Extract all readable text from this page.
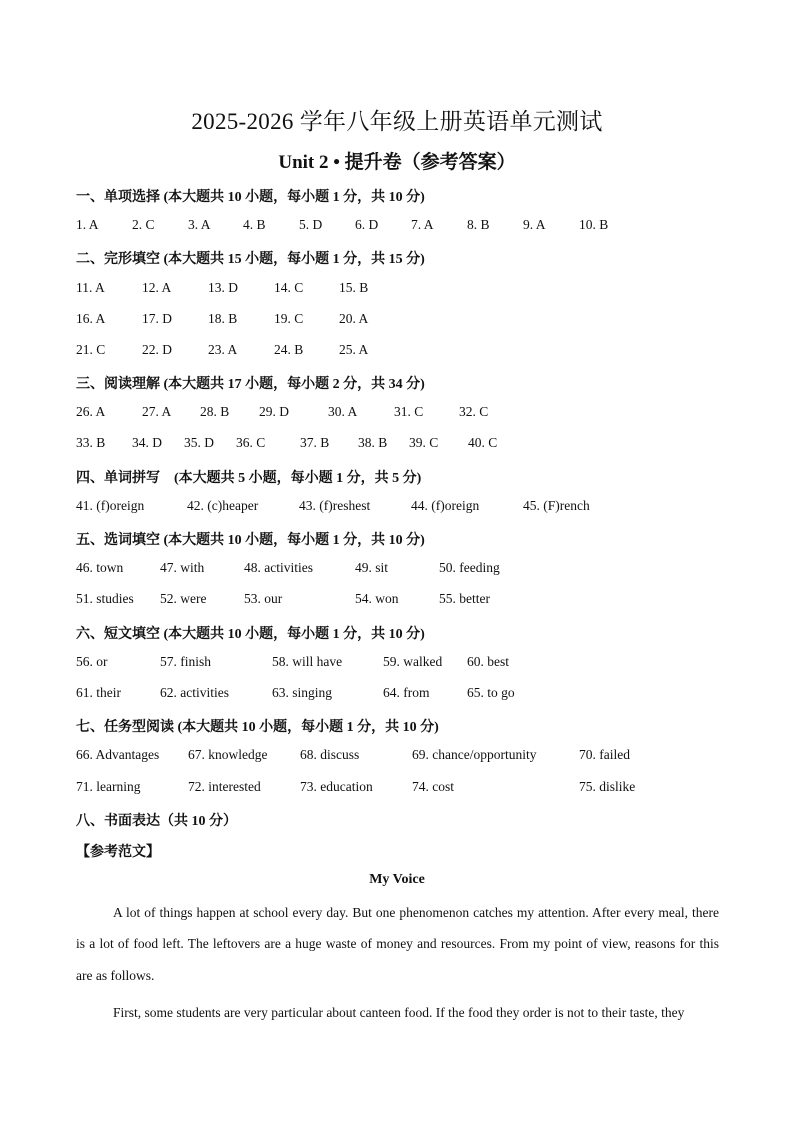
2025-2026 学年八年级上册英语单元测试
Unit 2 • 提升卷（参考答案）
一、单项选择 (本大题共 10 小题，每小题 1 分，共 10 分)
1. A 2. C 3. A 4. B 5. D 6. D 7. A 8. B 9. A 10. B
二、完形填空 (本大题共 15 小题，每小题 1 分，共 15 分)
11. A	12. A	13. D	14. C	15. B
16. A	17. D	18. B	19. C	20. A
21. C	22. D	23. A	24. B	25. A
三、阅读理解 (本大题共 17 小题，每小题 2 分，共 34 分)
26. A	27. A 28. B 29. D	30. A	31. C	32. C
33. B 34. D 35. D 36. C	37. B 38. B 39. C 40. C
四、单词拼写　(本大题共 5 小题，每小题 1 分，共 5 分)
41. (f)oreign	42. (c)heaper	43. (f)reshest	44. (f)oreign	45. (F)rench
五、选词填空 (本大题共 10 小题，每小题 1 分，共 10 分)
46. town	47. with	48. activities	49. sit	50. feeding
51. studies 52. were	53. our	54. won	55. better
六、短文填空 (本大题共 10 小题，每小题 1 分，共 10 分)
56. or	57. finish	58. will have	59. walked 60. best
61. their	62. activities	63. singing	64. from	65. to go
七、任务型阅读 (本大题共 10 小题，每小题 1 分，共 10 分)
66. Advantages 67. knowledge 68. discuss	69. chance/opportunity	70. failed
71. learning	72. interested	73. education	74. cost	75. dislike
八、书面表达（共 10 分）
【参考范文】
My Voice
A lot of things happen at school every day. But one phenomenon catches my attention. After every meal, there is a lot of food left. The leftovers are a huge waste of money and resources. From my point of view, reasons for this are as follows.
First, some students are very particular about canteen food. If the food they order is not to their taste, they
